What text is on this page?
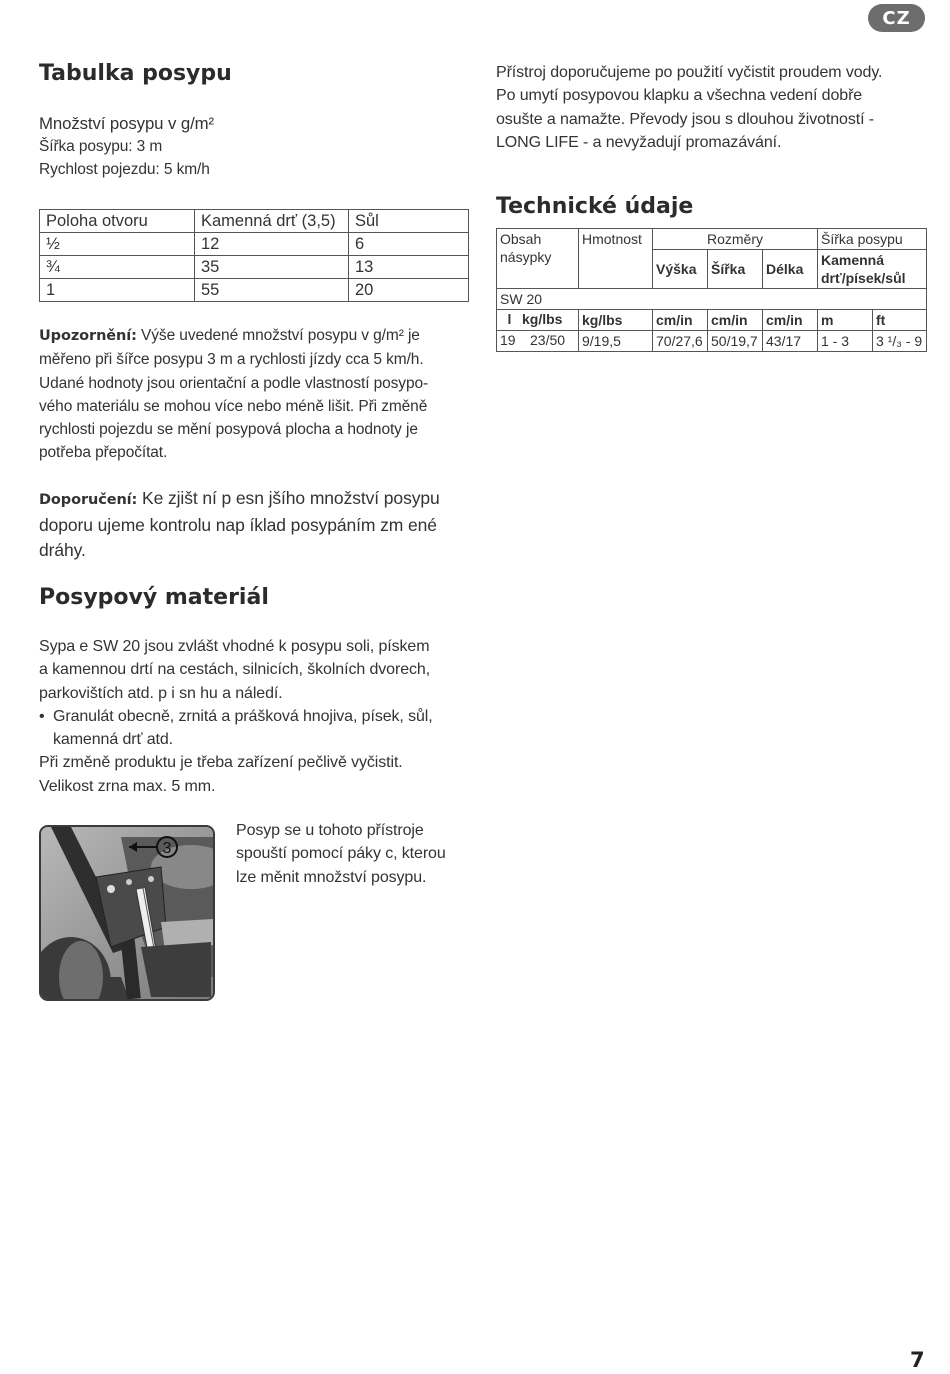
CZ
Tabulka posypu

Množství posypu v g/m²

Šířka posypu: 3 m

Rychlost pojezdu: 5 km/h

Poloha otvoru	Kamenná drť (3,5)	Sůl
½	12	6
¾	35	13
1	55	20

Upozornění: Výše uvedené množství posypu v g/m² je

měřeno při šířce posypu 3 m a rychlosti jízdy cca 5 km/h.

Udané hodnoty jsou orientační a podle vlastností posypo-

vého materiálu se mohou více nebo méně lišit. Při změně

rychlosti pojezdu se mění posypová plocha a hodnoty je

potřeba přepočítat.

Doporučení: Ke zjišt ní p esn jšího množství posypu

doporu ujeme kontrolu nap íklad posypáním zm ené

dráhy.

Posypový materiál

Sypa e SW 20 jsou zvlášt vhodné k posypu soli, pískem

a kamennou drtí na cestách, silnicích, školních dvorech,

parkovištích atd. p i sn hu a náledí.

• Granulát obecně, zrnitá a prášková hnojiva, písek, sůl,
kamenná drť atd.

Při změně produktu je třeba zařízení pečlivě vyčistit.

Velikost zrna max. 5 mm.

3

Posyp se u tohoto přístroje

spouští pomocí páky c, kterou

lze měnit množství posypu.

Přístroj doporučujeme po použití vyčistit proudem vody.

Po umytí posypovou klapku a všechna vedení dobře

osušte a namažte. Převody jsou s dlouhou životností -

LONG LIFE - a nevyžadují promazávání.

Technické údaje
Obsah násypky	Hmotnost	Rozměry			Šířka posypu	
		Výška	Šířka	Délka	Kamenná drť/písek/sůl	
SW 20						
l kg/lbs	kg/lbs	cm/in	cm/in	cm/in	m	ft
19 23/50	9/19,5	70/27,6	50/19,7	43/17	1 - 3	3 ¹/₃ - 9
7
